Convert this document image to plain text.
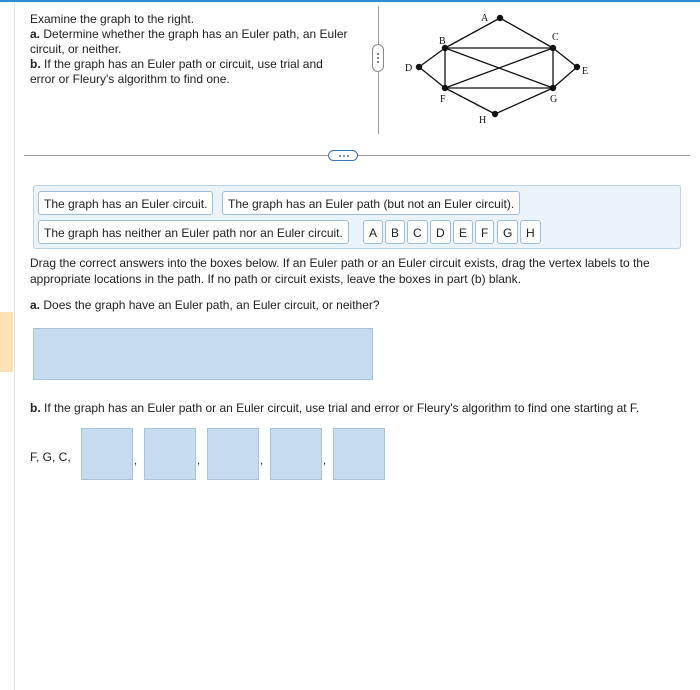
Examine the graph to the right.
a. Determine whether the graph has an Euler path, an Euler circuit, or neither.
b. If the graph has an Euler path or circuit, use trial and error or Fleury's algorithm to find one.
A
B	C
D	E
F	G
H
The graph has an Euler circuit.	The graph has an Euler path (but not an Euler circuit).
The graph has neither an Euler path nor an Euler circuit.	A	B	C	D	E	F	G	H
Drag the correct answers into the boxes below. If an Euler path or an Euler circuit exists, drag the vertex labels to the appropriate locations in the path. If no path or circuit exists, leave the boxes in part (b) blank.
a. Does the graph have an Euler path, an Euler circuit, or neither?
b. If the graph has an Euler path or an Euler circuit, use trial and error or Fleury's algorithm to find one starting at F.
F, G, C,	,	,	,	,
